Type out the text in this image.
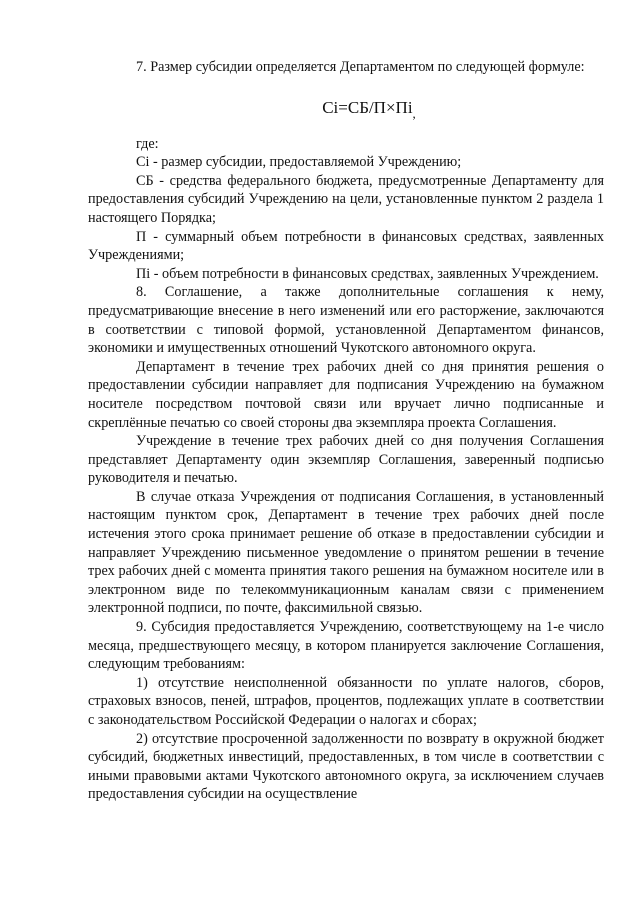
7. Размер субсидии определяется Департаментом по следующей формуле:

$Ci=СБ/П\times Пi_,$

где:

Ci - размер субсидии, предоставляемой Учреждению;

СБ - средства федерального бюджета, предусмотренные Департаменту для предоставления субсидий Учреждению на цели, установленные пунктом 2 раздела 1 настоящего Порядка;

П - суммарный объем потребности в финансовых средствах, заявленных Учреждениями;

Пi - объем потребности в финансовых средствах, заявленных Учреждением.

8. Соглашение, а также дополнительные соглашения к нему, предусматривающие внесение в него изменений или его расторжение, заключаются в соответствии с типовой формой, установленной Департаментом финансов, экономики и имущественных отношений Чукотского автономного округа.

Департамент в течение трех рабочих дней со дня принятия решения о предоставлении субсидии направляет для подписания Учреждению на бумажном носителе посредством почтовой связи или вручает лично подписанные и скреплённые печатью со своей стороны два экземпляра проекта Соглашения.

Учреждение в течение трех рабочих дней со дня получения Соглашения представляет Департаменту один экземпляр Соглашения, заверенный подписью руководителя и печатью.

В случае отказа Учреждения от подписания Соглашения, в установленный настоящим пунктом срок, Департамент в течение трех рабочих дней после истечения этого срока принимает решение об отказе в предоставлении субсидии и направляет Учреждению письменное уведомление о принятом решении в течение трех рабочих дней с момента принятия такого решения на бумажном носителе или в электронном виде по телекоммуникационным каналам связи с применением электронной подписи, по почте, факсимильной связью.

9. Субсидия предоставляется Учреждению, соответствующему на 1-е число месяца, предшествующего месяцу, в котором планируется заключение Соглашения, следующим требованиям:

1) отсутствие неисполненной обязанности по уплате налогов, сборов, страховых взносов, пеней, штрафов, процентов, подлежащих уплате в соответствии с законодательством Российской Федерации о налогах и сборах;

2) отсутствие просроченной задолженности по возврату в окружной бюджет субсидий, бюджетных инвестиций, предоставленных, в том числе в соответствии с иными правовыми актами Чукотского автономного округа, за исключением случаев предоставления субсидии на осуществление
